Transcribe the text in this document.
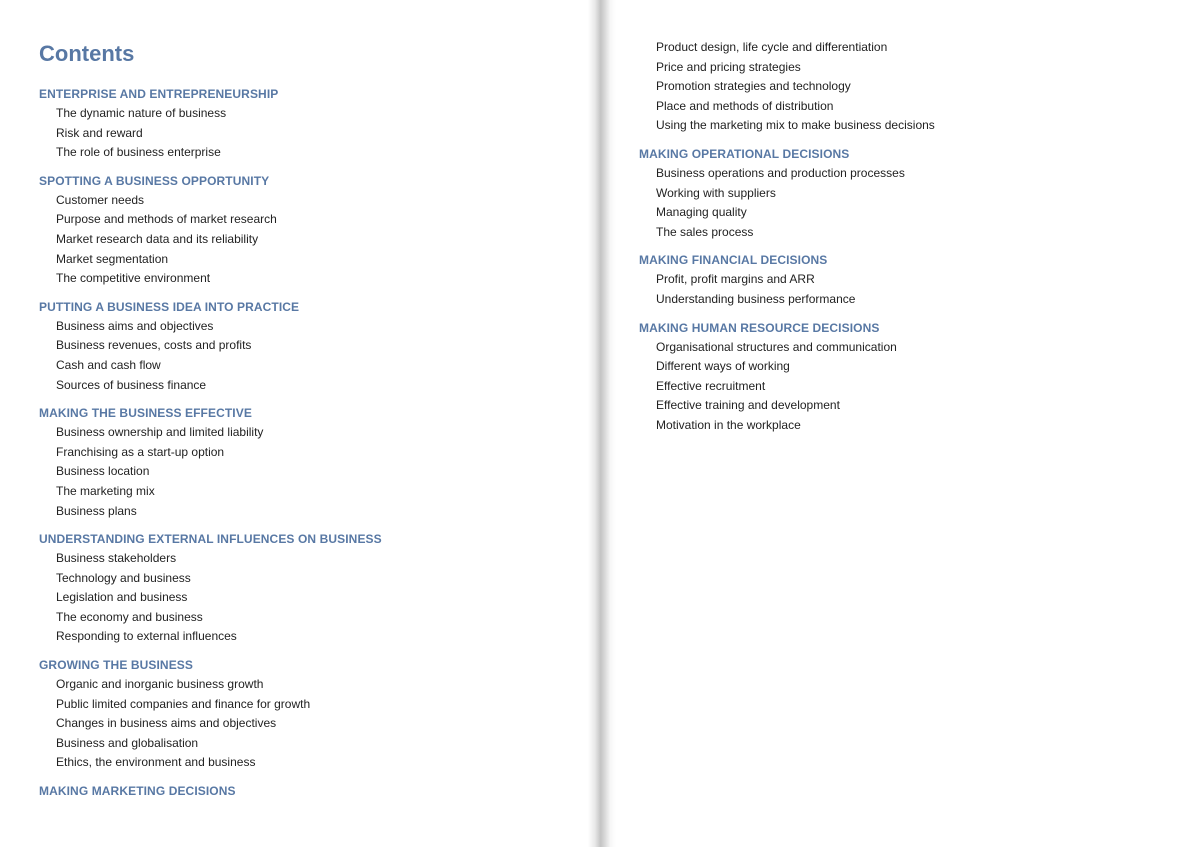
Contents
ENTERPRISE AND ENTREPRENEURSHIP
The dynamic nature of business
Risk and reward
The role of business enterprise
SPOTTING A BUSINESS OPPORTUNITY
Customer needs
Purpose and methods of market research
Market research data and its reliability
Market segmentation
The competitive environment
PUTTING A BUSINESS IDEA INTO PRACTICE
Business aims and objectives
Business revenues, costs and profits
Cash and cash flow
Sources of business finance
MAKING THE BUSINESS EFFECTIVE
Business ownership and limited liability
Franchising as a start-up option
Business location
The marketing mix
Business plans
UNDERSTANDING EXTERNAL INFLUENCES ON BUSINESS
Business stakeholders
Technology and business
Legislation and business
The economy and business
Responding to external influences
GROWING THE BUSINESS
Organic and inorganic business growth
Public limited companies and finance for growth
Changes in business aims and objectives
Business and globalisation
Ethics, the environment and business
MAKING MARKETING DECISIONS
Product design, life cycle and differentiation
Price and pricing strategies
Promotion strategies and technology
Place and methods of distribution
Using the marketing mix to make business decisions
MAKING OPERATIONAL DECISIONS
Business operations and production processes
Working with suppliers
Managing quality
The sales process
MAKING FINANCIAL DECISIONS
Profit, profit margins and ARR
Understanding business performance
MAKING HUMAN RESOURCE DECISIONS
Organisational structures and communication
Different ways of working
Effective recruitment
Effective training and development
Motivation in the workplace
